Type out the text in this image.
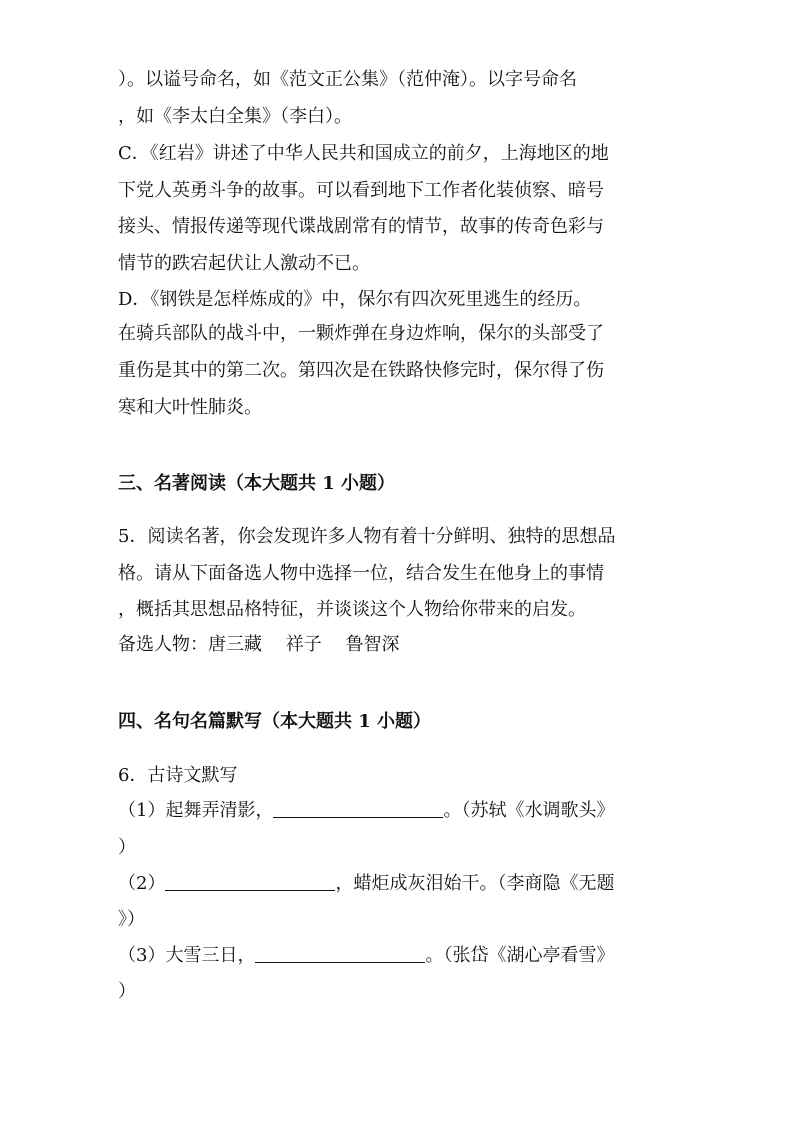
）。以谥号命名，如《范文正公集》（范仲淹）。以字号命名
，如《李太白全集》（李白）。
C．《红岩》讲述了中华人民共和国成立的前夕，上海地区的地
下党人英勇斗争的故事。可以看到地下工作者化装侦察、暗号
接头、情报传递等现代谍战剧常有的情节，故事的传奇色彩与
情节的跌宕起伏让人激动不已。
D．《钢铁是怎样炼成的》中，保尔有四次死里逃生的经历。
在骑兵部队的战斗中，一颗炸弹在身边炸响，保尔的头部受了
重伤是其中的第二次。第四次是在铁路快修完时，保尔得了伤
寒和大叶性肺炎。
三、名著阅读（本大题共 1 小题）
5．阅读名著，你会发现许多人物有着十分鲜明、独特的思想品
格。请从下面备选人物中选择一位，结合发生在他身上的事情
，概括其思想品格特征，并谈谈这个人物给你带来的启发。
备选人物：唐三藏　 祥子　 鲁智深
四、名句名篇默写（本大题共 1 小题）
6．古诗文默写
（1）起舞弄清影，	。（苏轼《水调歌头》
）
（2）	，蜡炬成灰泪始干。（李商隐《无题
》）
（3）大雪三日，	。（张岱《湖心亭看雪》
）
